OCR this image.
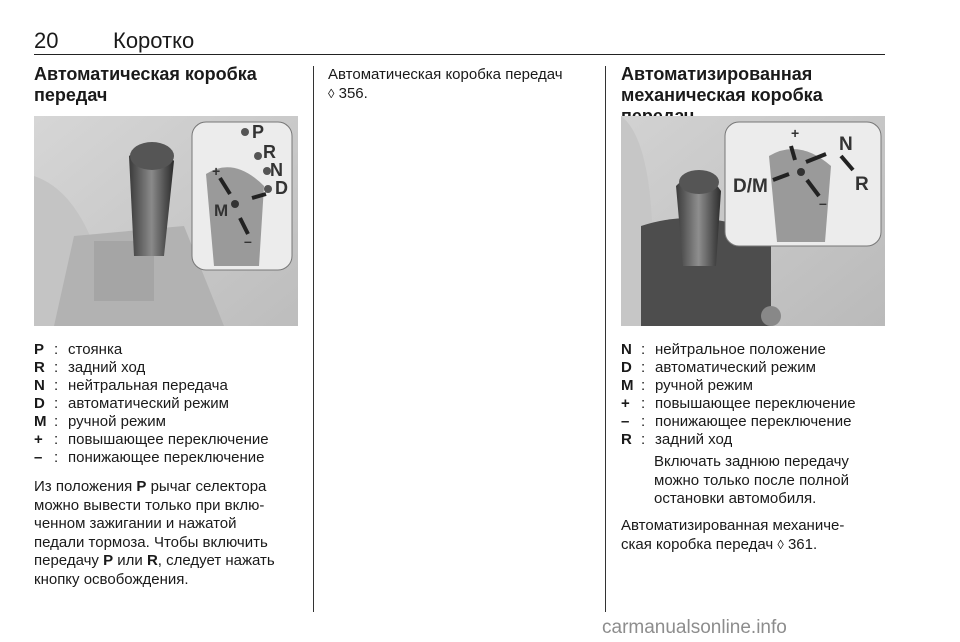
20 Коротко
Автоматическая коробка
передач
P
R
N
D
M
+
–
P : стоянка
R : задний ход
N : нейтральная передача
D : автоматический режим
M : ручной режим
+ : повышающее переключение
– : понижающее переключение

Из положения P рычаг селектора

можно вывести только при вклю-

ченном зажигании и нажатой

педали тормоза. Чтобы включить

передачу P или R, следует нажать

кнопку освобождения.

Автоматическая коробка передач

◊ 356.

Автоматизированная
механическая коробка
D/M
N
R
+
–
N : нейтральное положение
D : автоматический режим
M : ручной режим
+ : повышающее переключение
– : понижающее переключение
R : задний ход
Включать заднюю передачу
можно только после полной
остановки автомобиля.

Автоматизированная механиче-

ская коробка передач ◊ 361.

carmanualsonline.info
